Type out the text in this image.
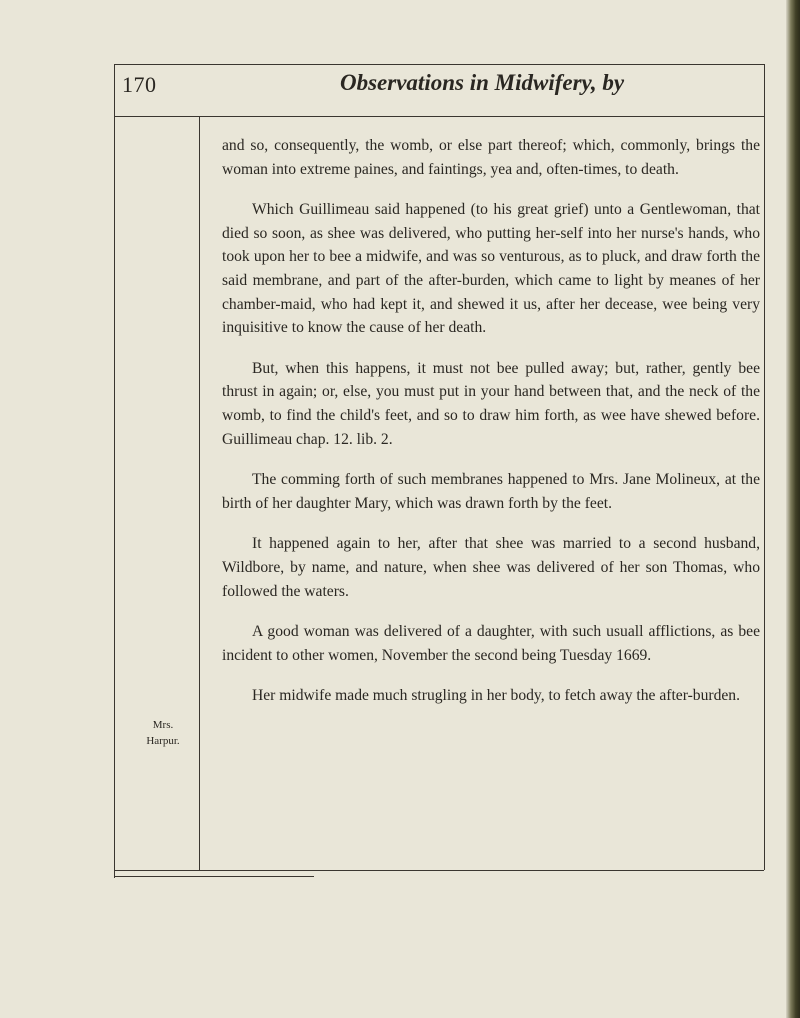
170	Observations in Midwifery, by
Mrs.
Harpur.

and so, consequently, the womb, or else part thereof; which, commonly, brings the woman into extreme paines, and faintings, yea and, often-times, to death.

Which Guillimeau said happened (to his great grief) unto a Gentlewoman, that died so soon, as shee was delivered, who putting her-self into her nurse's hands, who took upon her to bee a midwife, and was so venturous, as to pluck, and draw forth the said membrane, and part of the after-burden, which came to light by meanes of her chamber-maid, who had kept it, and shewed it us, after her decease, wee being very inquisitive to know the cause of her death.

But, when this happens, it must not bee pulled away; but, rather, gently bee thrust in again; or, else, you must put in your hand between that, and the neck of the womb, to find the child's feet, and so to draw him forth, as wee have shewed before. Guillimeau chap. 12. lib. 2.

The comming forth of such membranes happened to Mrs. Jane Molineux, at the birth of her daughter Mary, which was drawn forth by the feet.

It happened again to her, after that shee was married to a second husband, Wildbore, by name, and nature, when shee was delivered of her son Thomas, who followed the waters.

A good woman was delivered of a daughter, with such usuall afflictions, as bee incident to other women, November the second being Tuesday 1669.

Her midwife made much strugling in her body, to fetch away the after-burden.
